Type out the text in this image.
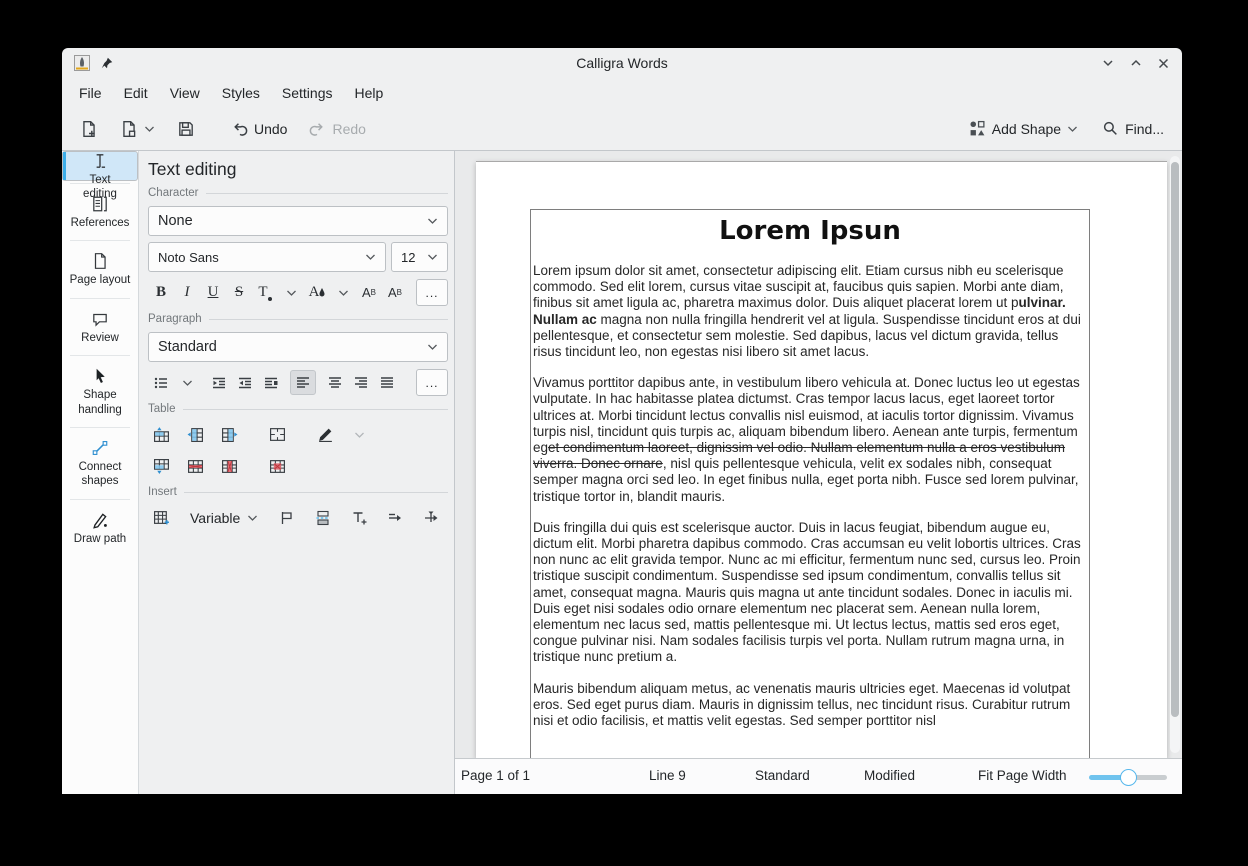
Calligra Words
File	Edit	View	Styles	Settings	Help
Undo	Redo	Add Shape	Find...
Text editing
References
Page layout
Review
Shape handling
Connect shapes
Draw path
Text editing
Character
None
Noto Sans	12
B I U S T	A	A B A B	...
Paragraph
Standard
...
Table
Insert
Variable
Lorem Ipsun

Lorem ipsum dolor sit amet, consectetur adipiscing elit. Etiam cursus nibh eu scelerisque commodo. Sed elit lorem, cursus vitae suscipit at, faucibus quis sapien. Morbi ante diam, finibus sit amet ligula ac, pharetra maximus dolor. Duis aliquet placerat lorem ut pulvinar. Nullam ac magna non nulla fringilla hendrerit vel at ligula. Suspendisse tincidunt eros at dui pellentesque, et consectetur sem molestie. Sed dapibus, lacus vel dictum gravida, tellus risus tincidunt leo, non egestas nisi libero sit amet lacus.

Vivamus porttitor dapibus ante, in vestibulum libero vehicula at. Donec luctus leo ut egestas vulputate. In hac habitasse platea dictumst. Cras tempor lacus lacus, eget laoreet tortor ultrices at. Morbi tincidunt lectus convallis nisl euismod, at iaculis tortor dignissim. Vivamus turpis nisl, tincidunt quis turpis ac, aliquam bibendum libero. Aenean ante turpis, fermentum eget condimentum laoreet, dignissim vel odio. Nullam elementum nulla a eros vestibulum viverra. Donec ornare, nisl quis pellentesque vehicula, velit ex sodales nibh, consequat semper magna orci sed leo. In eget finibus nulla, eget porta nibh. Fusce sed lorem pulvinar, tristique tortor in, blandit mauris.

Duis fringilla dui quis est scelerisque auctor. Duis in lacus feugiat, bibendum augue eu, dictum elit. Morbi pharetra dapibus commodo. Cras accumsan eu velit lobortis ultrices. Cras non nunc ac elit gravida tempor. Nunc ac mi efficitur, fermentum nunc sed, cursus leo. Proin tristique suscipit condimentum. Suspendisse sed ipsum condimentum, convallis tellus sit amet, consequat magna. Mauris quis magna ut ante tincidunt sodales. Donec in iaculis mi. Duis eget nisi sodales odio ornare elementum nec placerat sem. Aenean nulla lorem, elementum nec lacus sed, mattis pellentesque mi. Ut lectus lectus, mattis sed eros eget, congue pulvinar nisi. Nam sodales facilisis turpis vel porta. Nullam rutrum magna urna, in tristique nunc pretium a.

Mauris bibendum aliquam metus, ac venenatis mauris ultricies eget. Maecenas id volutpat eros. Sed eget purus diam. Mauris in dignissim tellus, nec tincidunt risus. Curabitur rutrum nisi et odio facilisis, et mattis velit egestas. Sed semper porttitor nisl

Page 1 of 1	Line 9	Standard	Modified	Fit Page Width
